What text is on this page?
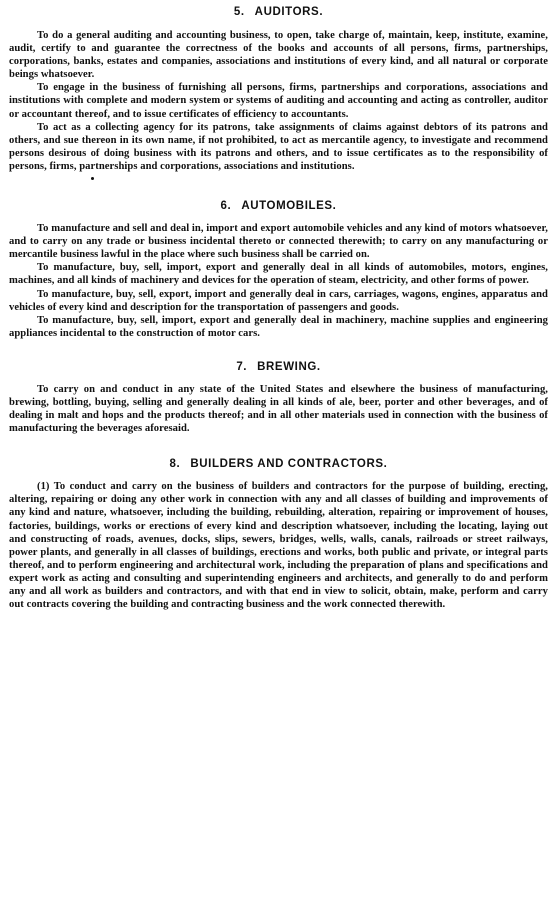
5. AUDITORS.

To do a general auditing and accounting business, to open, take charge of, maintain, keep, institute, examine, audit, certify to and guarantee the correctness of the books and accounts of all persons, firms, partnerships, corporations, banks, estates and companies, associations and institutions of every kind, and all natural or corporate beings whatsoever.

To engage in the business of furnishing all persons, firms, partnerships and corporations, associations and institutions with complete and modern system or systems of auditing and accounting and acting as controller, auditor or accountant thereof, and to issue certificates of efficiency to accountants.

To act as a collecting agency for its patrons, take assignments of claims against debtors of its patrons and others, and sue thereon in its own name, if not prohibited, to act as mercantile agency, to investigate and recommend persons desirous of doing business with its patrons and others, and to issue certificates as to the responsibility of persons, firms, partnerships and corporations, associations and institutions.

6. AUTOMOBILES.

To manufacture and sell and deal in, import and export automobile vehicles and any kind of motors whatsoever, and to carry on any trade or business incidental thereto or connected therewith; to carry on any manufacturing or mercantile business lawful in the place where such business shall be carried on.

To manufacture, buy, sell, import, export and generally deal in all kinds of automobiles, motors, engines, machines, and all kinds of machinery and devices for the operation of steam, electricity, and other forms of power.

To manufacture, buy, sell, export, import and generally deal in cars, carriages, wagons, engines, apparatus and vehicles of every kind and description for the transportation of passengers and goods.

To manufacture, buy, sell, import, export and generally deal in machinery, machine supplies and engineering appliances incidental to the construction of motor cars.

7. BREWING.

To carry on and conduct in any state of the United States and elsewhere the business of manufacturing, brewing, bottling, buying, selling and generally dealing in all kinds of ale, beer, porter and other beverages, and of dealing in malt and hops and the products thereof; and in all other materials used in connection with the business of manufacturing the beverages aforesaid.

8. BUILDERS AND CONTRACTORS.

(1) To conduct and carry on the business of builders and contractors for the purpose of building, erecting, altering, repairing or doing any other work in connection with any and all classes of building and improvements of any kind and nature, whatsoever, including the building, rebuilding, alteration, repairing or improvement of houses, factories, buildings, works or erections of every kind and description whatsoever, including the locating, laying out and constructing of roads, avenues, docks, slips, sewers, bridges, wells, walls, canals, railroads or street railways, power plants, and generally in all classes of buildings, erections and works, both public and private, or integral parts thereof, and to perform engineering and architectural work, including the preparation of plans and specifications and expert work as acting and consulting and superintending engineers and architects, and generally to do and perform any and all work as builders and contractors, and with that end in view to solicit, obtain, make, perform and carry out contracts covering the building and contracting business and the work connected therewith.
